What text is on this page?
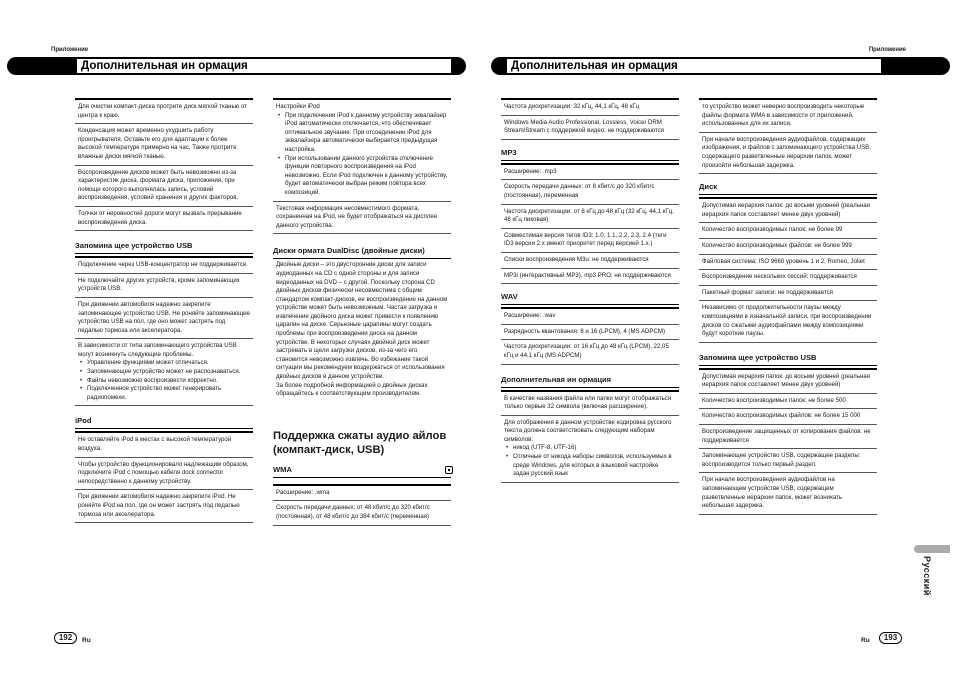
Приложение
Дополнительная ин ормация
Для очистки компакт-диска протрите диск мягкой тканью от центра к краю.
Конденсация может временно ухудшить работу проигрывателя. Оставьте его для адаптации к более высокой температуре примерно на час. Также протрите влажные диски мягкой тканью.
Воспроизведение дисков может быть невозможно из-за характеристик диска, формата диска, приложения, при помощи которого выполнялась запись, условий воспроизведения, условий хранения и других факторов.
Толчки от неровностей дороги могут вызвать прерывание воспроизведения диска.
Запомина щее устройство USB
Подключение через USB-концентратор не поддерживается.
Не подключайте других устройств, кроме запоминающих устройств USB.
При движении автомобиля надежно закрепите запоминающее устройство USB. Не роняйте запоминающее устройство USB на пол, где оно может застрять под педалью тормоза или акселератора.
В зависимости от типа запоминающего устройства USB могут возникнуть следующие проблемы.
• Управление функциями может отличаться.
• Запоминающее устройство может не распознаваться.
• Файлы невозможно воспроизвести корректно.
• Подключенное устройство может генерировать радиопомехи.
iPod
Не оставляйте iPod в местах с высокой температурой воздуха.
Чтобы устройство функционировало надлежащим образом, подключите iPod с помощью кабеля dock connector непосредственно к данному устройству.
При движении автомобиля надежно закрепите iPod. Не роняйте iPod на пол, где он может застрять под педалью тормоза или акселератора.
Настройки iPod
• При подключении iPod к данному устройству эквалайзер iPod автоматически отключается, что обеспечивает оптимальное звучание. При отсоединении iPod для эквалайзера автоматически выбирается предыдущая настройка.
• При использовании данного устройства отключение функции повторного воспроизведения на iPod невозможно. Если iPod подключен к данному устройству, будет автоматически выбран режим повтора всех композиций.
Текстовая информация несовместимого формата, сохраненная на iPod, не будет отображаться на дисплее данного устройства.
Диски ормата DualDisc (двойные диски)
Двойные диски – это двусторонние диски для записи аудиоданных на CD с одной стороны и для записи видеоданных на DVD – с другой. Поскольку сторона CD двойных дисков физически несовместима с общим стандартом компакт-дисков, ее воспроизведение на данном устройстве может быть невозможным. Частая загрузка и извлечение двойного диска может привести к появлению царапин на диске. Серьезные царапины могут создать проблемы при воспроизведении диска на данном устройстве. В некоторых случаях двойной диск может застревать в щели загрузки дисков, из-за чего его становится невозможно извлечь. Во избежание такой ситуации мы рекомендуем воздержаться от использования двойных дисков в данном устройстве.
За более подробной информацией о двойных дисках обращайтесь к соответствующим производителям.
Поддержка сжаты аудио айлов (компакт-диск, USB)
WMA
Расширение: .wma
Скорость передачи данных: от 48 кбит/с до 320 кбит/с (постоянная), от 48 кбит/с до 384 кбит/с (переменная)
192	Ru
Приложение
Дополнительная ин ормация
Частота дискретизации: 32 кГц, 44,1 кГц, 48 кГц
Windows Media Audio Professional, Lossless, Voice/ DRM Stream/Stream с поддержкой видео: не поддерживаются
MP3
Расширение: .mp3
Скорость передачи данных: от 8 кбит/с до 320 кбит/с (постоянная), переменная
Частота дискретизации: от 8 кГц до 48 кГц (32 кГц, 44,1 кГц, 48 кГц пиковая)
Совместимая версия тегов ID3: 1.0, 1.1, 2.2, 2.3, 2.4 (теги ID3 версии 2.x имеют приоритет перед версией 1.x.)
Списки воспроизведения M3u: не поддерживаются
MP3i (интерактивный MP3), mp3 PRO: не поддерживаются
WAV
Расширение: .wav
Разрядность квантования: 8 и 16 (LPCM), 4 (MS ADPCM)
Частота дискретизации: от 16 кГц до 48 кГц (LPCM), 22,05 кГц и 44,1 кГц (MS ADPCM)
Дополнительная ин ормация
В качестве названия файла или папки могут отображаться только первые 32 символа (включая расширение).
Для отображения в данном устройстве кодировка русского текста должна соответствовать следующим наборам символов:
• никод (UTF-8, UTF-16)
• Отличные от никода наборы символов, используемых в среде Windows, для которых в языковой настройке задан русский язык
то устройство может неверно воспроизводить некоторые файлы формата WMA в зависимости от приложений, использованных для их записи.
При начале воспроизведения аудиофайлов, содержащих изображения, и файлов с запоминающего устройства USB, содержащего разветвленные иерархии папок, может произойти небольшая задержка.
Диск
Допустимая иерархия папок: до восьми уровней (реальная иерархия папок составляет менее двух уровней)
Количество воспроизводимых папок: не более 99
Количество воспроизводимых файлов: не более 999
Файловая система: ISO 9660 уровень 1 и 2, Romeo, Joliet
Воспроизведение нескольких сессий: поддерживается
Пакетный формат записи: не поддерживается
Независимо от продолжительности паузы между композициями в изначальной записи, при воспроизведении дисков со сжатыми аудиофайлами между композициями будут короткие паузы.
Запомина щее устройство USB
Допустимая иерархия папок: до восьми уровней (реальная иерархия папок составляет менее двух уровней)
Количество воспроизводимых папок: не более 500
Количество воспроизводимых файлов: не более 15 000
Воспроизведение защищенных от копирования файлов: не поддерживается
Запоминающее устройство USB, содержащее разделы: воспроизводится только первый раздел.
При начале воспроизведения аудиофайлов на запоминающем устройстве USB, содержащем разветвленные иерархии папок, может возникать небольшая задержка.
Русский
Ru	193
